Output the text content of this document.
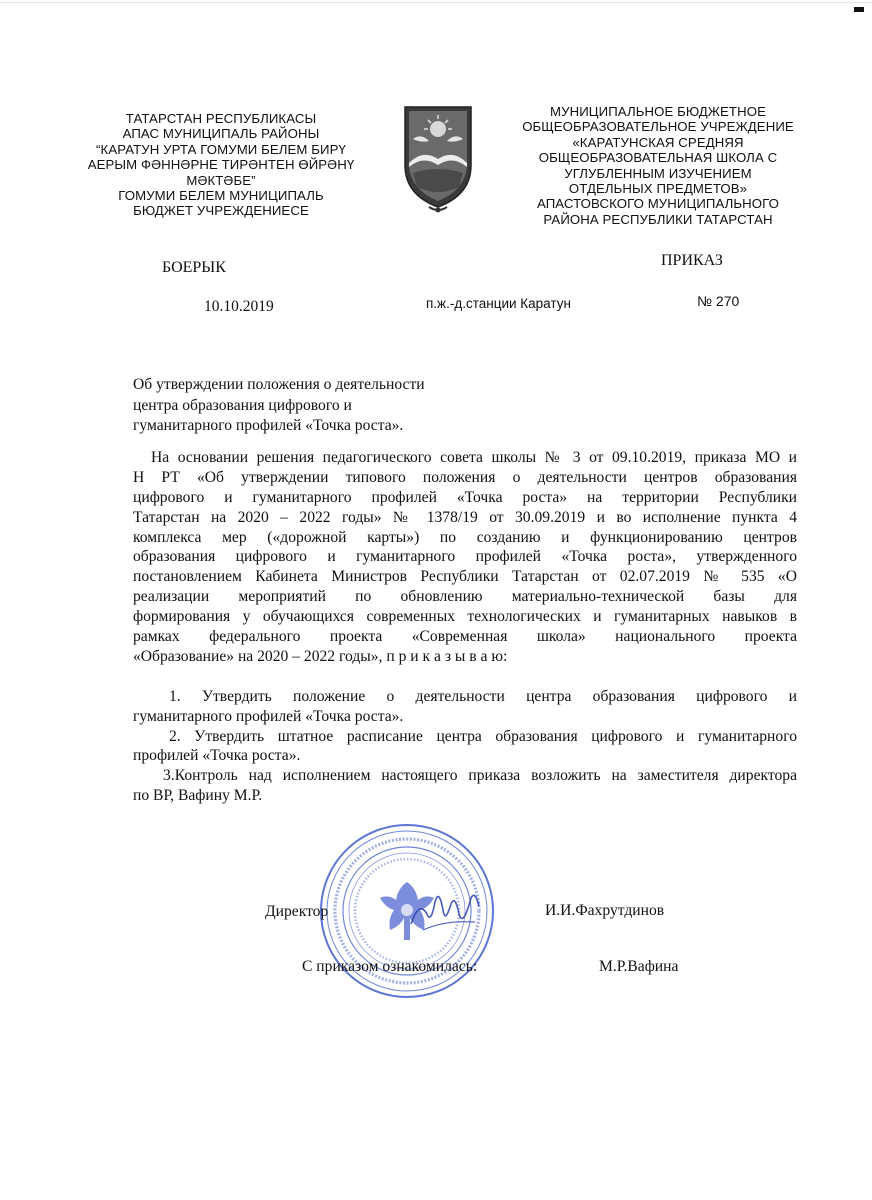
ТАТАРСТАН РЕСПУБЛИКАСЫ
АПАС МУНИЦИПАЛЬ РАЙОНЫ
“КАРАТУН УРТА ГОМУМИ БЕЛЕМ БИРҮ
АЕРЫМ ФӘННӘРНЕ ТИРӘНТЕН ӨЙРӘНҮ
МӘКТӘБЕ”
ГОМУМИ БЕЛЕМ МУНИЦИПАЛЬ
БЮДЖЕТ УЧРЕЖДЕНИЕСЕ
МУНИЦИПАЛЬНОЕ БЮДЖЕТНОЕ
ОБЩЕОБРАЗОВАТЕЛЬНОЕ УЧРЕЖДЕНИЕ
«КАРАТУНСКАЯ СРЕДНЯЯ
ОБЩЕОБРАЗОВАТЕЛЬНАЯ ШКОЛА С
УГЛУБЛЕННЫМ ИЗУЧЕНИЕМ
ОТДЕЛЬНЫХ ПРЕДМЕТОВ»
АПАСТОВСКОГО МУНИЦИПАЛЬНОГО
РАЙОНА РЕСПУБЛИКИ ТАТАРСТАН
БОЕРЫК	ПРИКАЗ
10.10.2019	п.ж.-д.станции Каратун	№ 270
Об утверждении положения о деятельности
центра образования цифрового и
гуманитарного профилей «Точка роста».
На основании решения педагогического совета школы № 3 от 09.10.2019, приказа МО и
Н РТ «Об утверждении типового положения о деятельности центров образования
цифрового и гуманитарного профилей «Точка роста» на территории Республики
Татарстан на 2020 – 2022 годы» № 1378/19 от 30.09.2019 и во исполнение пункта 4
комплекса мер («дорожной карты») по созданию и функционированию центров
образования цифрового и гуманитарного профилей «Точка роста», утвержденного
постановлением Кабинета Министров Республики Татарстан от 02.07.2019 № 535 «О
реализации мероприятий по обновлению материально-технической базы для
формирования у обучающихся современных технологических и гуманитарных навыков в
рамках федерального проекта «Современная школа» национального проекта
«Образование» на 2020 – 2022 годы», п р и к а з ы в а ю:
1. Утвердить положение о деятельности центра образования цифрового и
гуманитарного профилей «Точка роста».
2. Утвердить штатное расписание центра образования цифрового и гуманитарного
профилей «Точка роста».
3.Контроль над исполнением настоящего приказа возложить на заместителя директора
по ВР, Вафину М.Р.
Директор	И.И.Фахрутдинов
С приказом ознакомилась:	М.Р.Вафина
